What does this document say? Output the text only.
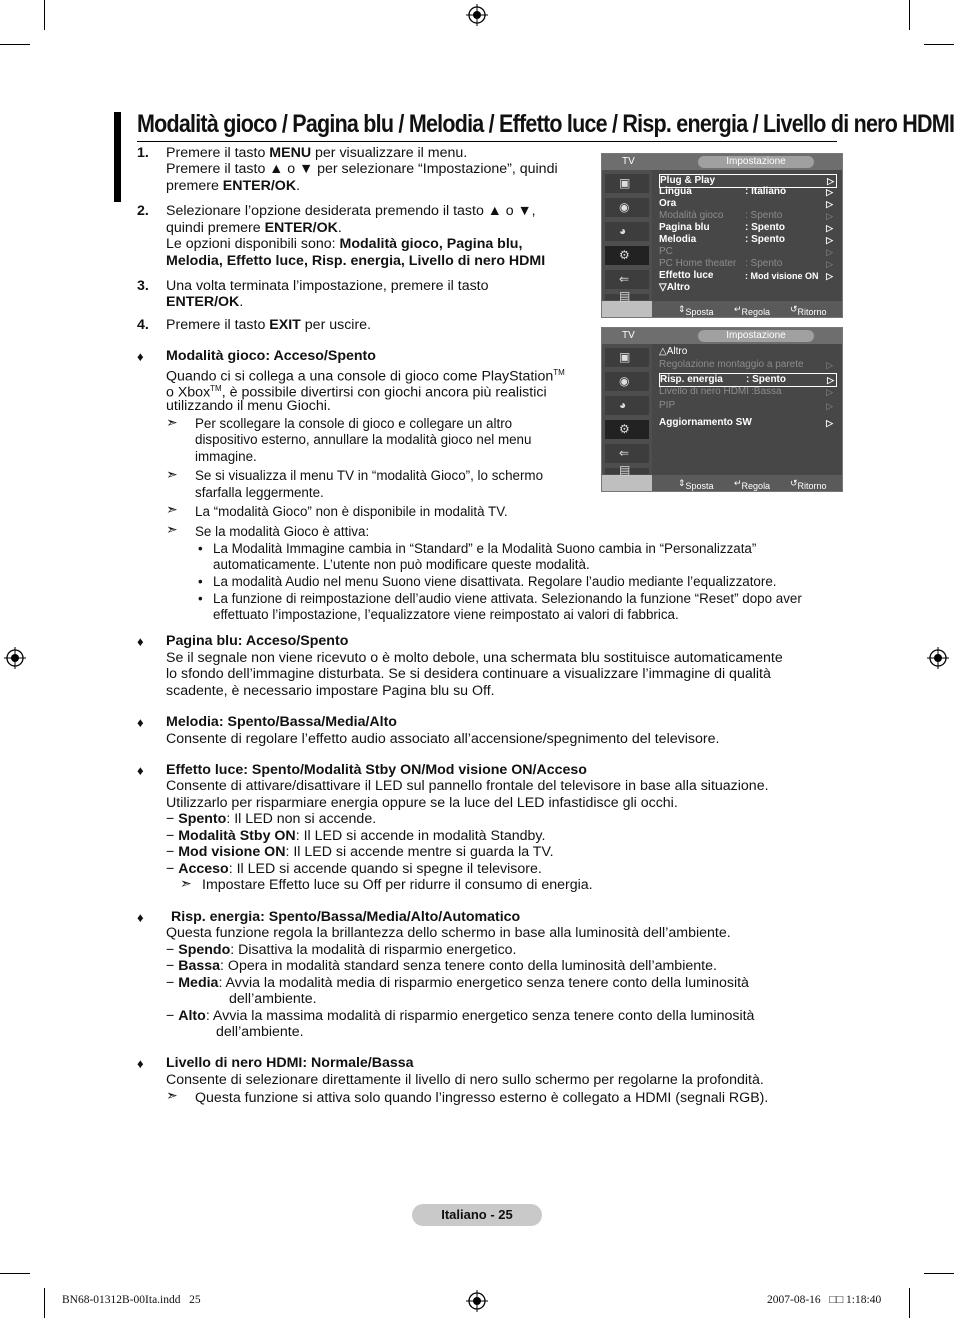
Modalità gioco / Pagina blu / Melodia / Effetto luce / Risp. energia / Livello di nero HDMI
1. Premere il tasto MENU per visualizzare il menu.
Premere il tasto ▲ o ▼ per selezionare “Impostazione”, quindi
premere ENTER/OK.
2. Selezionare l’opzione desiderata premendo il tasto ▲ o ▼,
quindi premere ENTER/OK.
Le opzioni disponibili sono: Modalità gioco, Pagina blu,
Melodia, Effetto luce, Risp. energia, Livello di nero HDMI
3. Una volta terminata l’impostazione, premere il tasto
ENTER/OK.
4. Premere il tasto EXIT per uscire.
TV	Impostazione
▣
◉
◕
⚙
⇐
▤
Plug & Play	▷
Lingua	: Italiano	▷
Ora	▷
Modalità gioco : Spento	▷
Pagina blu	: Spento	▷
Melodia	: Spento	▷
PC	▷
PC Home theater : Spento	▷
Effetto luce	: Mod visione ON ▷
▽Altro
⇕ Sposta ↵ Regola ↺ Ritorno
TV	Impostazione
▣
◉
◕
⚙
⇐
▤
△Altro
Regolazione montaggio a parete	▷
Risp. energia : Spento	▷
Livello di nero HDMI :Bassa	▷
PIP	▷
Aggiornamento SW	▷
⇕ Sposta ↵ Regola ↺ Ritorno
♦ Modalità gioco: Acceso/Spento
Quando ci si collega a una console di gioco come PlayStation™
o Xbox™, è possibile divertirsi con giochi ancora più realistici
utilizzando il menu Giochi.
➣ Per scollegare la console di gioco e collegare un altro
dispositivo esterno, annullare la modalità gioco nel menu
immagine.
➣ Se si visualizza il menu TV in “modalità Gioco”, lo schermo
sfarfalla leggermente.
➣ La “modalità Gioco” non è disponibile in modalità TV.
➣ Se la modalità Gioco è attiva:
• La Modalità Immagine cambia in “Standard” e la Modalità Suono cambia in “Personalizzata”
automaticamente. L’utente non può modificare queste modalità.
• La modalità Audio nel menu Suono viene disattivata. Regolare l’audio mediante l’equalizzatore.
• La funzione di reimpostazione dell’audio viene attivata. Selezionando la funzione “Reset” dopo aver
effettuato l’impostazione, l’equalizzatore viene reimpostato ai valori di fabbrica.
♦ Pagina blu: Acceso/Spento
Se il segnale non viene ricevuto o è molto debole, una schermata blu sostituisce automaticamente
lo sfondo dell’immagine disturbata. Se si desidera continuare a visualizzare l’immagine di qualità
scadente, è necessario impostare Pagina blu su Off.
♦ Melodia: Spento/Bassa/Media/Alto
Consente di regolare l’effetto audio associato all’accensione/spegnimento del televisore.
♦ Effetto luce: Spento/Modalità Stby ON/Mod visione ON/Acceso
Consente di attivare/disattivare il LED sul pannello frontale del televisore in base alla situazione.
Utilizzarlo per risparmiare energia oppure se la luce del LED infastidisce gli occhi.
− Spento: Il LED non si accende.
− Modalità Stby ON: Il LED si accende in modalità Standby.
− Mod visione ON: Il LED si accende mentre si guarda la TV.
− Acceso: Il LED si accende quando si spegne il televisore.
➣ Impostare Effetto luce su Off per ridurre il consumo di energia.
♦ Risp. energia: Spento/Bassa/Media/Alto/Automatico
Questa funzione regola la brillantezza dello schermo in base alla luminosità dell’ambiente.
− Spendo: Disattiva la modalità di risparmio energetico.
− Bassa: Opera in modalità standard senza tenere conto della luminosità dell’ambiente.
− Media: Avvia la modalità media di risparmio energetico senza tenere conto della luminosità
dell’ambiente.
− Alto: Avvia la massima modalità di risparmio energetico senza tenere conto della luminosità
dell’ambiente.
♦ Livello di nero HDMI: Normale/Bassa
Consente di selezionare direttamente il livello di nero sullo schermo per regolarne la profondità.
➣ Questa funzione si attiva solo quando l’ingresso esterno è collegato a HDMI (segnali RGB).
Italiano - 25
BN68-01312B-00Ita.indd   25	2007-08-16   □□ 1:18:40
